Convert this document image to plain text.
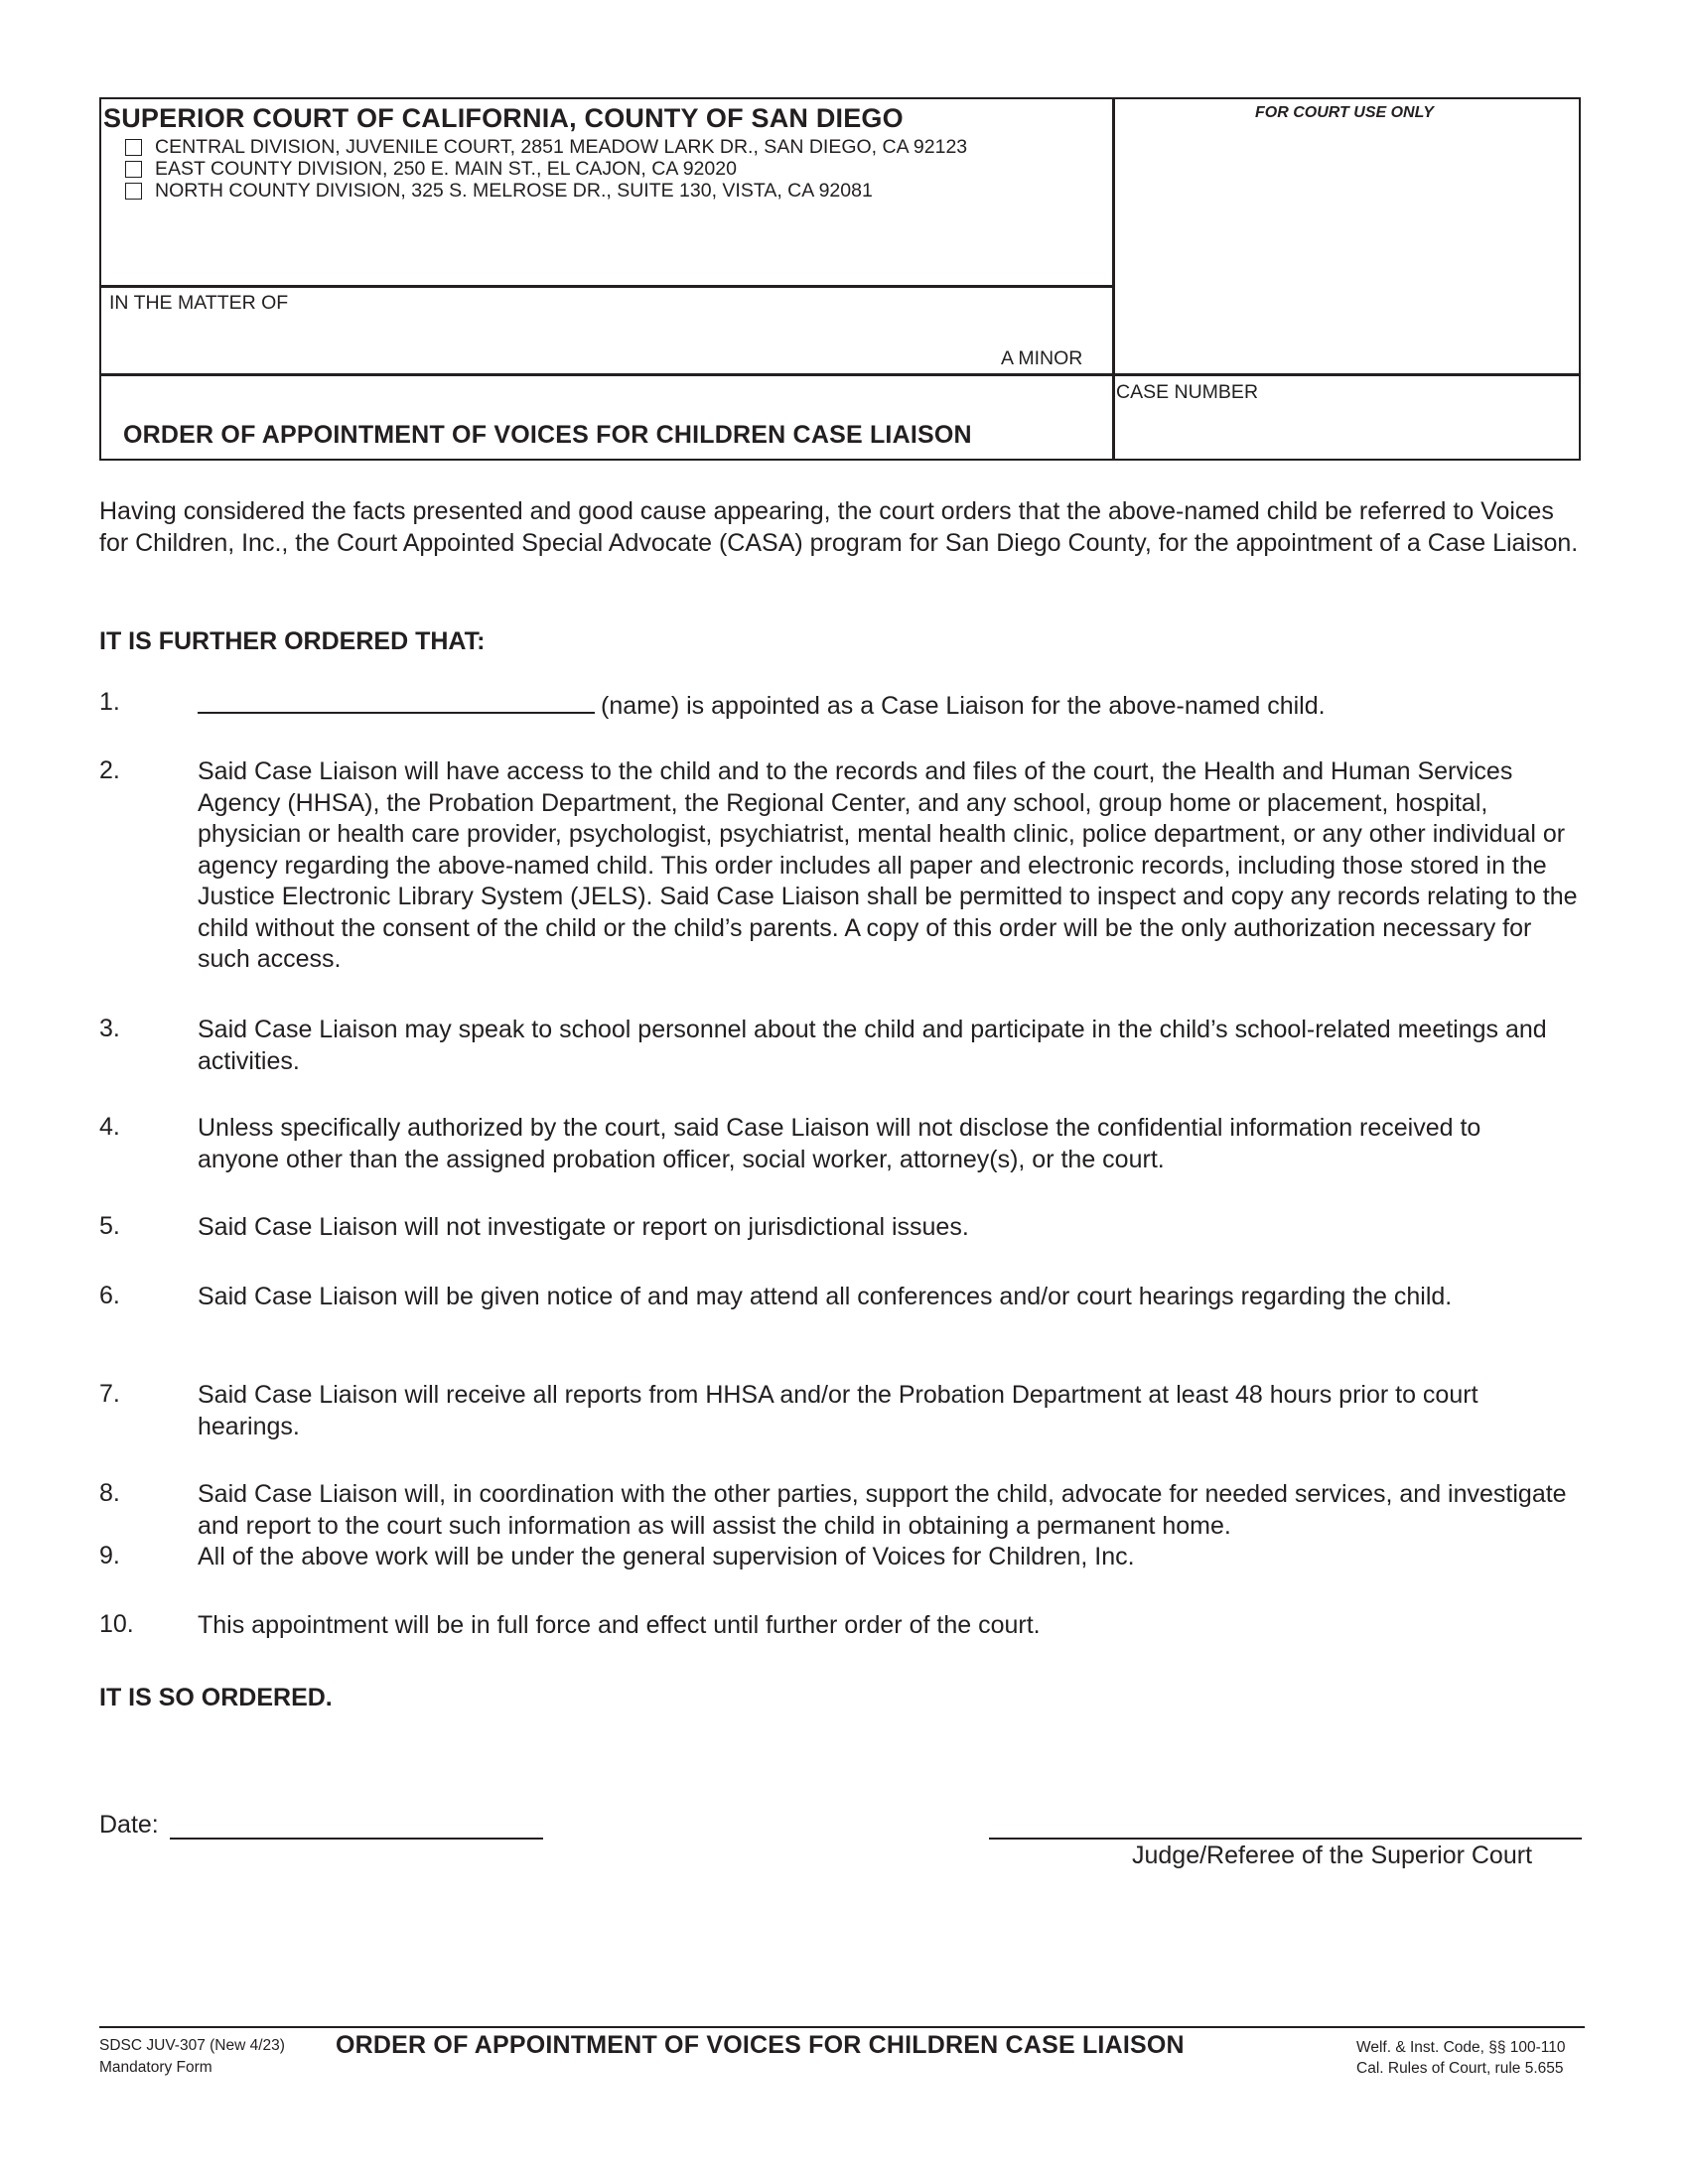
SUPERIOR COURT OF CALIFORNIA, COUNTY OF SAN DIEGO
CENTRAL DIVISION, JUVENILE COURT, 2851 MEADOW LARK DR., SAN DIEGO, CA 92123
EAST COUNTY DIVISION, 250 E. MAIN ST., EL CAJON, CA 92020
NORTH COUNTY DIVISION, 325 S. MELROSE DR., SUITE 130, VISTA, CA 92081
FOR COURT USE ONLY
IN THE MATTER OF
A MINOR
CASE NUMBER
ORDER OF APPOINTMENT OF VOICES FOR CHILDREN CASE LIAISON
Having considered the facts presented and good cause appearing, the court orders that the above-named child be referred to Voices for Children, Inc., the Court Appointed Special Advocate (CASA) program for San Diego County, for the appointment of a Case Liaison.
IT IS FURTHER ORDERED THAT:
1.	(name) is appointed as a Case Liaison for the above-named child.
2.	Said Case Liaison will have access to the child and to the records and files of the court, the Health and Human Services Agency (HHSA), the Probation Department, the Regional Center, and any school, group home or placement, hospital, physician or health care provider, psychologist, psychiatrist, mental health clinic, police department, or any other individual or agency regarding the above-named child. This order includes all paper and electronic records, including those stored in the Justice Electronic Library System (JELS). Said Case Liaison shall be permitted to inspect and copy any records relating to the child without the consent of the child or the child’s parents. A copy of this order will be the only authorization necessary for such access.
3.	Said Case Liaison may speak to school personnel about the child and participate in the child’s school-related meetings and activities.
4.	Unless specifically authorized by the court, said Case Liaison will not disclose the confidential information received to anyone other than the assigned probation officer, social worker, attorney(s), or the court.
5.	Said Case Liaison will not investigate or report on jurisdictional issues.
6.	Said Case Liaison will be given notice of and may attend all conferences and/or court hearings regarding the child.
7.	Said Case Liaison will receive all reports from HHSA and/or the Probation Department at least 48 hours prior to court hearings.
8.	Said Case Liaison will, in coordination with the other parties, support the child, advocate for needed services, and investigate and report to the court such information as will assist the child in obtaining a permanent home.
9.	All of the above work will be under the general supervision of Voices for Children, Inc.
10.	This appointment will be in full force and effect until further order of the court.
IT IS SO ORDERED.
Date:
Judge/Referee of the Superior Court
SDSC JUV-307 (New 4/23)
Mandatory Form
ORDER OF APPOINTMENT OF VOICES FOR CHILDREN CASE LIAISON	Welf. & Inst. Code, §§ 100-110
Cal. Rules of Court, rule 5.655
